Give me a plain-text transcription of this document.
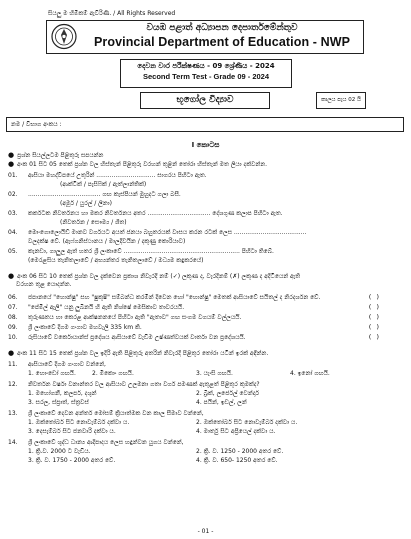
සියලු ම හිමිකම් ඇවිරිණි. / All Rights Reserved
වයඹ පළාත් අධ්‍යාපන දෙපාර්තමේන්තුව
Provincial Department of Education - NWP
දෙවන වාර පරීක්ෂණය - 09 ශ්‍රේණිය - 2024
Second Term Test - Grade 09 - 2024
භූගෝල විද්‍යාව	කාලය පැය 02 යි
නම / විභාග අංකය :
I කොටස
● ප්‍රශ්න සියල්ලටම පිළිතුරු සපයන්න
● අංක 01 සිට 05 තෙක් ප්‍රශ්න වල හිස්තැන් පිළිතුරු වරහන් තුළින් තෝරා හිස්තැන් මත ලියා දක්වන්න.
01. ආසියා මහද්වීපයේ උතුරින් ............................... සාගරය පිහිටා ඇත.
(ආක්ටික් / පැසිෆික් / ඇත්ලාන්තික්)
02. ...................................... ගඟ කැස්පියන් මුහුදට ගලා බසී.
(අමූර් / යුරල් / ලීනා)
03. කර්කටක නිවර්තනය හා මකර නිවර්තනය අතර ................................. දේශගුණ කලාප පිහිටා ඇත.
(නිවර්තන / සෞම්‍ය / ශීත)
04. මොංගොලොයිඩ් මානව වර්ගයට අයත් ජනයා බහුතරයක් වාසය කරන රටක් ලෙස ......................................
වලදක්ෂ වේ. (ඇෆ්ගනිස්ථානය / මාලදිවයින / දකුණු කොරියාව)
05. කැනඩා, ගාලුල ඇත් හතර ශ්‍රී ලංකාවේ ............................................................. පිහිටා තිබේ.
(මෙරළසිය තැනිතලාවේ / අභ්‍යන්තර තැනිතලාවේ / මධ්‍යම කඳුකරයේ)
● අංක 06 සිට 10 තෙක් ප්‍රශ්න වල දැක්වෙන ප්‍රකාශ නිවැරදි නම් (✓) ලකුණ ද, වැරදිනම් (✗) ලකුණ ද අදිටියෙන් ඇති
වරහන තුළ යොදන්න.
06. ජපානයේ "හොන්ෂු" සහ "ෂුකුෂි" සම්බන්ධ කරමින් දිවෙන හෝ "හොන්ෂු" මෙතක් ආසියාවේ සයිතල් ද නිරදර්ශන වේ.	( )
07. "පේමිල් ඇලී" යනු ලුබිනයි හි ඇති නිශ්ෂේ මෙසිකාව තාවරයයි.	( )
08. තුරුණතය හා කෙරළ ආක්ෂනනයේ පිහිටා ඇති "ඇතාව" ගඟ සංගම වගයම් වල්ලයයි.	( )
09. ශ්‍රී ලංකාවේ දිගම ගංගාව මහවැලි 335 km කි.	( )
10. රුසියාවේ වර්කොයාන්ස් ප්‍රදේශය ආසියාවේ වැඩිම උෂ්ණත්වයක් වාර්තා වන ප්‍රදේශයයි.	( )
● අංක 11 සිට 15 තෙක් ප්‍රශ්න වල ඉදිරි ඇති පිළිතුරු අතරින් නිවැරදි පිළිතුර තෝරා යටින් ඉරක් අඳින්න.
11. ආසියාවේ දිගම ගංගාව වන්නේ,
1. හොංඩෝ ගඟයි.	2. මීකොං ගඟයි.	3. යැංසි ගඟයි.	4. ඉනෝ ගඟයි.
12. නිවර්තන වර්ෂා වනාන්තර වල ආසියාව උලමනා ගතා වර්ග පමණක් ඇතුළත් පිළිතුර කුමක්ද?
1. මහෝගනී, කලර්ප, දශුන්	2. බ්‍රික්, ලර්ජෙල් වෙන්දාර්
3. සරල, ස්ප්‍රාත්, ස්ත්‍රවස්	4. පයින්, ඉඩල්, ලන්
13. ශ්‍රී ලංකාවේ දෙවන අන්තර් මෝසම් ක්‍රියාත්මක වන කාල සීමාව වන්නේ,
1. ඔක්තෝබර් සිට නොවැම්බර් දක්වා ය.	2. ඔක්තෝබර් සිට නොවැම්බර් දක්වා ය.
3. දෙසැම්බර් සිට ජනවාරි දක්වා ය.	4. මාර්තු සිට අප්‍රියෙල් දක්වා ය.
14. ශ්‍රී ලංකාවේ ශුද්ධ ධාන්‍ය ආදිපාදය ලෙස හඳුන්වන යුගය වන්නේ,
1. ක්‍රි.ව. 2000 ට වැඩිය.	2. ක්‍රි. ව. 1250 - 2000 අතර වේ.
3. ක්‍රි. ව. 1750 - 2000 අතර වේ.	4. ක්‍රි. ව. 650- 1250 අතර වේ.
- 01 -
